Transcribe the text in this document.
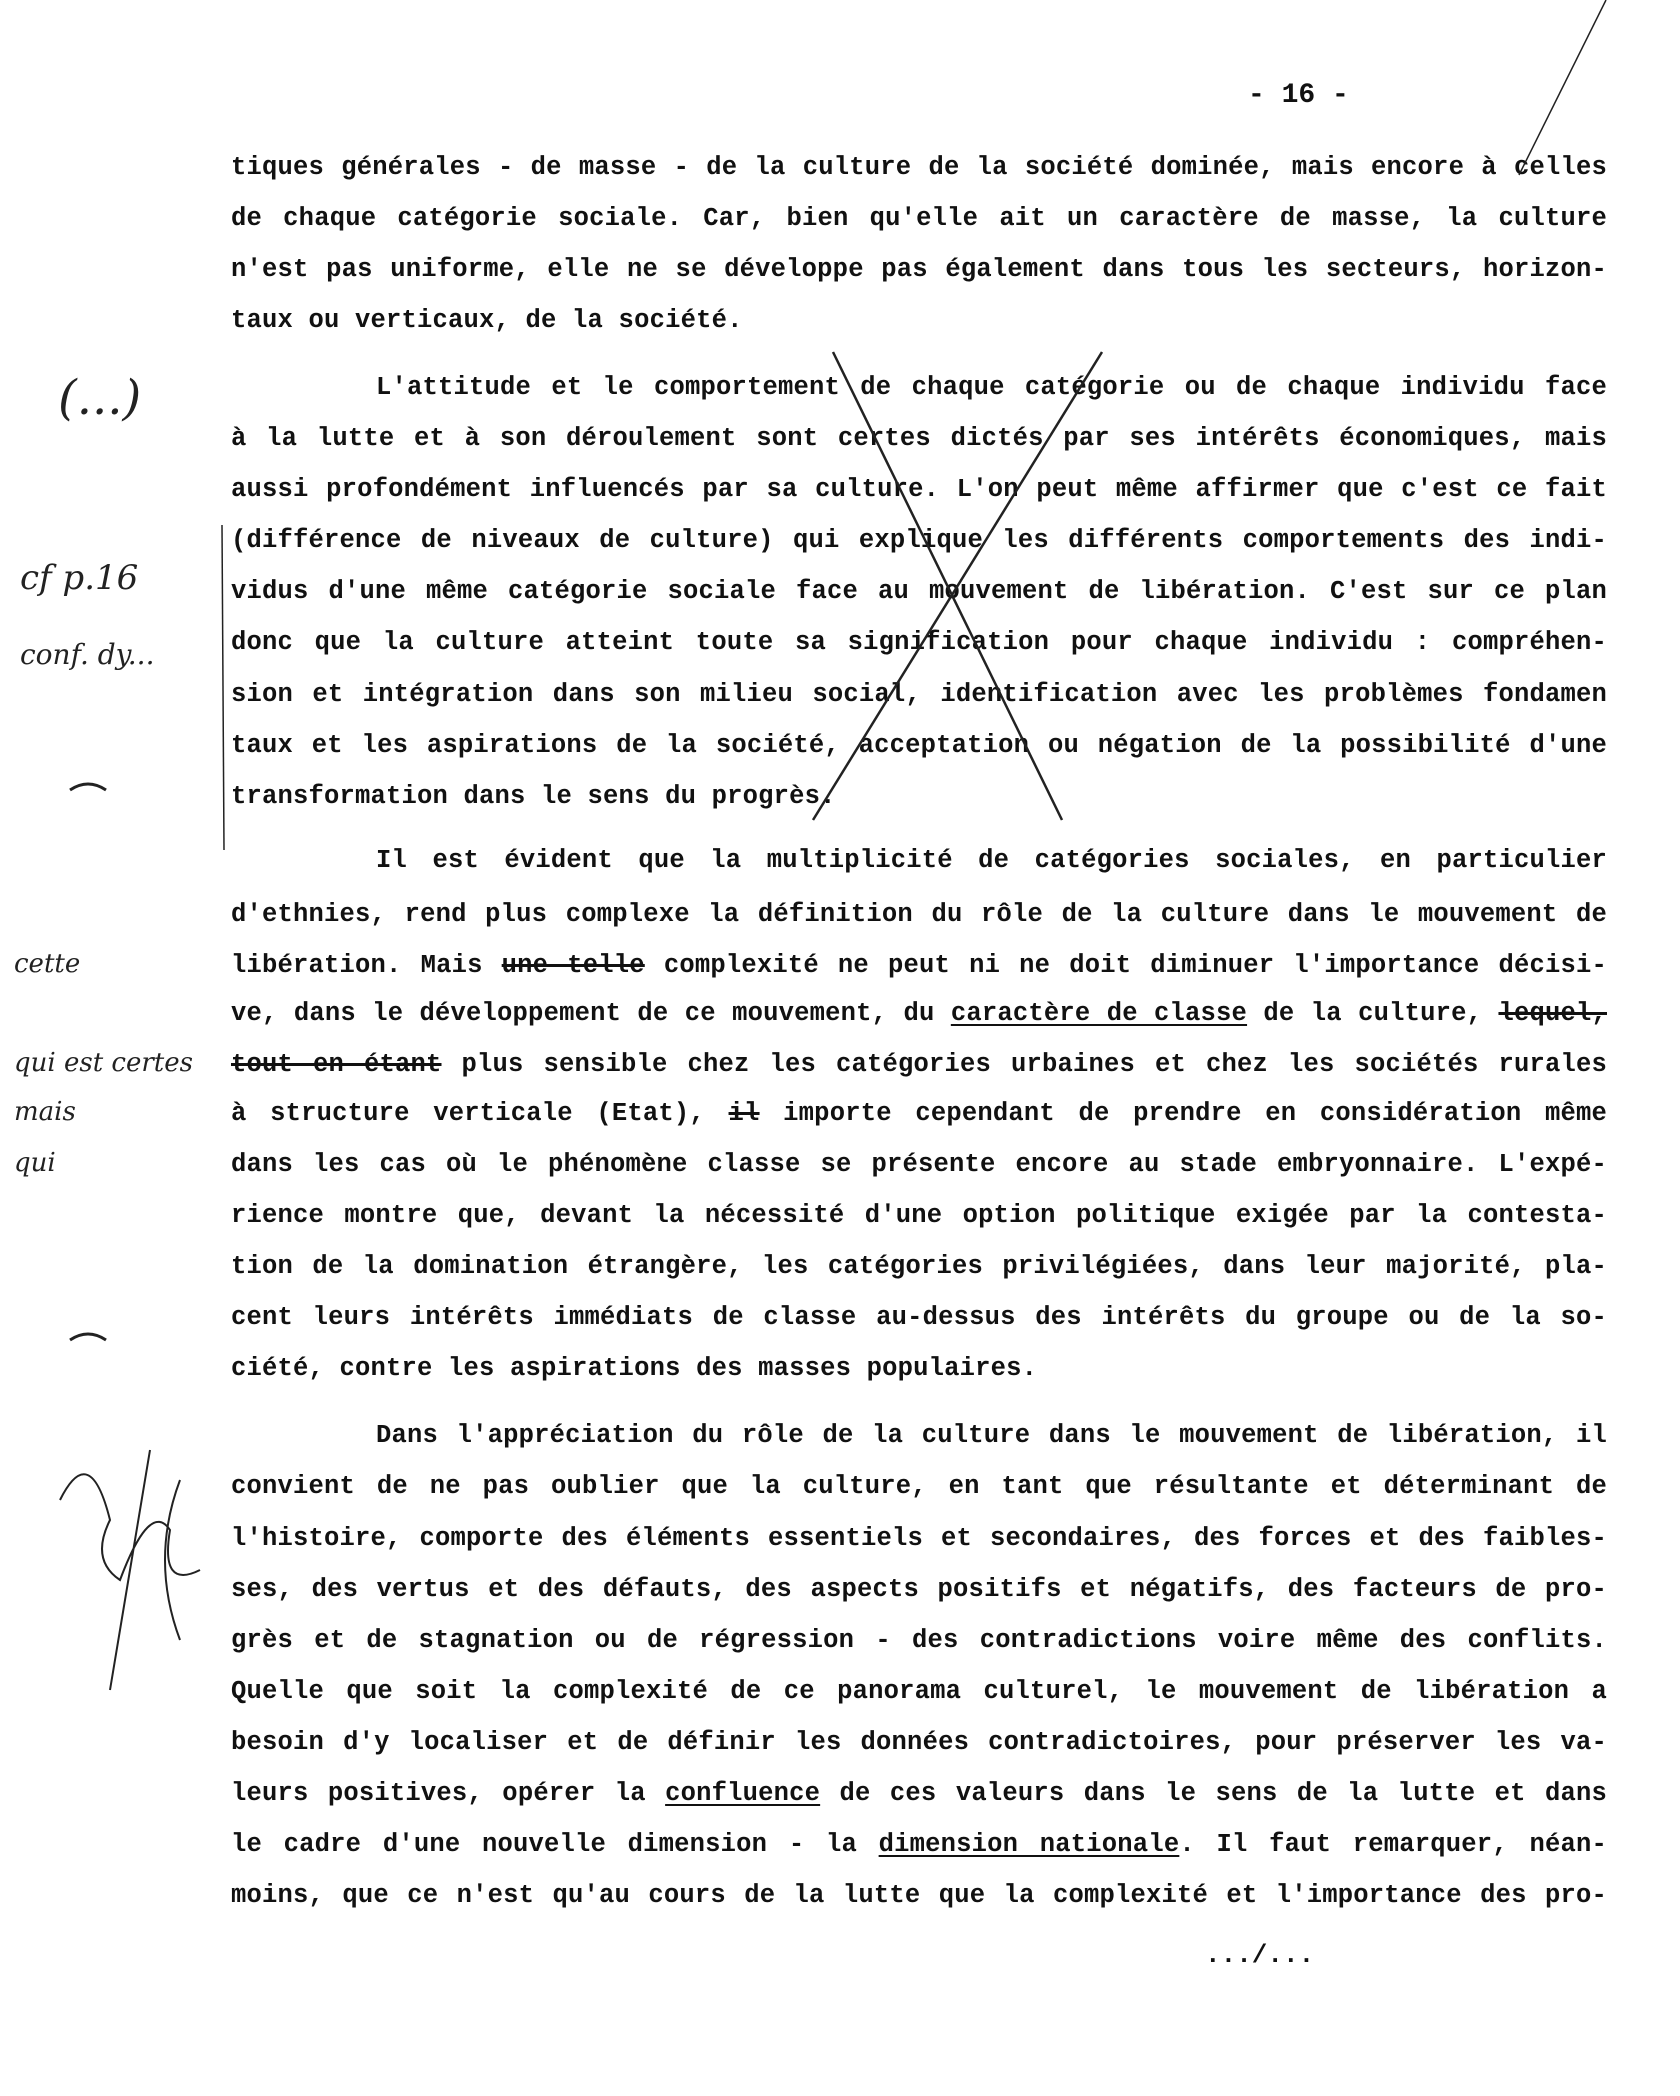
- 16 -
tiques générales - de masse - de la culture de la société dominée, mais encore à celles
de chaque catégorie sociale. Car, bien qu'elle ait un caractère de masse, la culture
n'est pas uniforme, elle ne se développe pas également dans tous les secteurs, horizon-
taux ou verticaux, de la société.
L'attitude et le comportement de chaque catégorie ou de chaque individu face
à la lutte et à son déroulement sont certes dictés par ses intérêts économiques, mais
aussi profondément influencés par sa culture. L'on peut même affirmer que c'est ce fait
(différence de niveaux de culture) qui explique les différents comportements des indi-
vidus d'une même catégorie sociale face au mouvement de libération. C'est sur ce plan
donc que la culture atteint toute sa signification pour chaque individu : compréhen-
sion et intégration dans son milieu social, identification avec les problèmes fondamen
taux et les aspirations de la société, acceptation ou négation de la possibilité d'une
transformation dans le sens du progrès.
Il est évident que la multiplicité de catégories sociales, en particulier
d'ethnies, rend plus complexe la définition du rôle de la culture dans le mouvement de
libération. Mais une telle complexité ne peut ni ne doit diminuer l'importance décisi-
ve, dans le développement de ce mouvement, du caractère de classe de la culture, lequel,
tout en étant plus sensible chez les catégories urbaines et chez les sociétés rurales
à structure verticale (Etat), il importe cependant de prendre en considération même
dans les cas où le phénomène classe se présente encore au stade embryonnaire. L'expé-
rience montre que, devant la nécessité d'une option politique exigée par la contesta-
tion de la domination étrangère, les catégories privilégiées, dans leur majorité, pla-
cent leurs intérêts immédiats de classe au-dessus des intérêts du groupe ou de la so-
ciété, contre les aspirations des masses populaires.
Dans l'appréciation du rôle de la culture dans le mouvement de libération, il
convient de ne pas oublier que la culture, en tant que résultante et déterminant de
l'histoire, comporte des éléments essentiels et secondaires, des forces et des faibles-
ses, des vertus et des défauts, des aspects positifs et négatifs, des facteurs de pro-
grès et de stagnation ou de régression - des contradictions voire même des conflits.
Quelle que soit la complexité de ce panorama culturel, le mouvement de libération a
besoin d'y localiser et de définir les données contradictoires, pour préserver les va-
leurs positives, opérer la confluence de ces valeurs dans le sens de la lutte et dans
le cadre d'une nouvelle dimension - la dimension nationale. Il faut remarquer, néan-
moins, que ce n'est qu'au cours de la lutte que la complexité et l'importance des pro-
.../...
cette
qui est certes
mais
qui
(...)
cf p.16
conf. dy...
